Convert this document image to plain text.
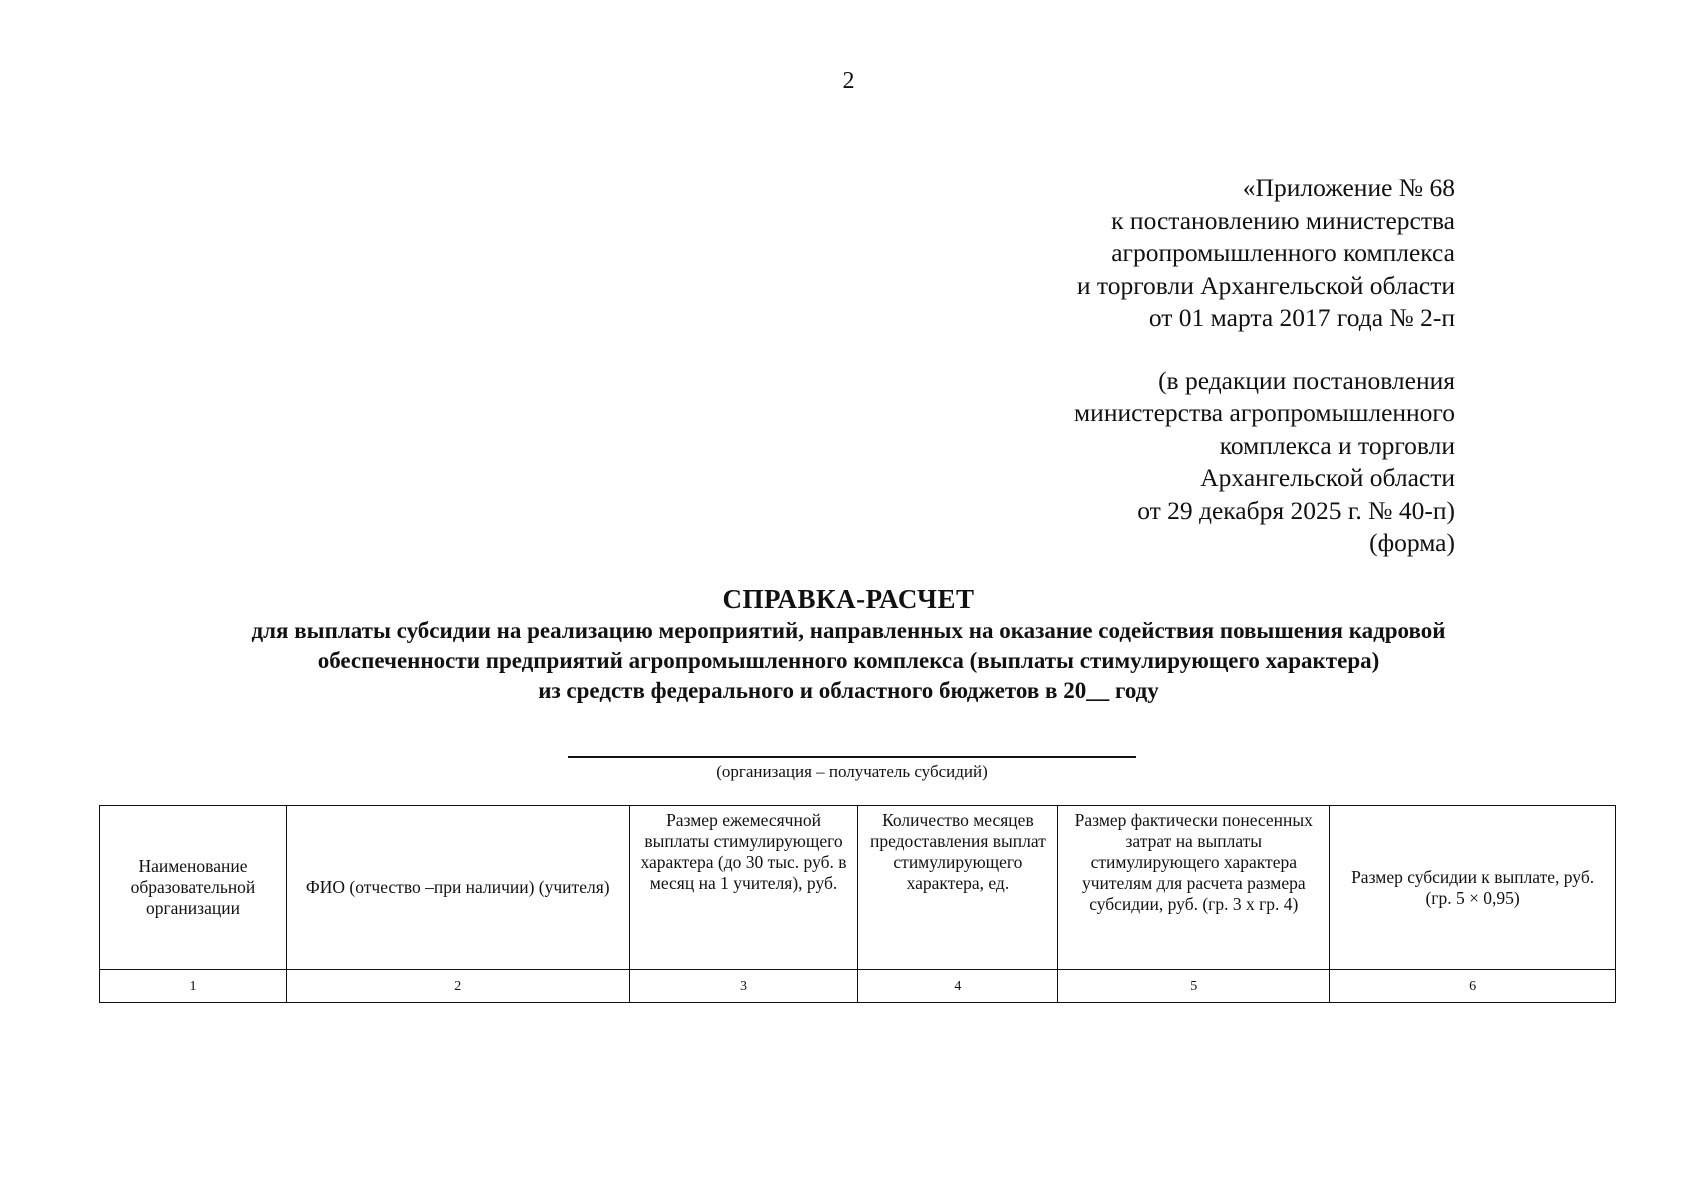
2
«Приложение № 68
к постановлению министерства
агропромышленного комплекса
и торговли Архангельской области
от 01 марта 2017 года № 2-п
(в редакции постановления
министерства агропромышленного
комплекса и торговли
Архангельской области
от 29 декабря 2025 г. № 40-п)
(форма)
СПРАВКА-РАСЧЕТ
для выплаты субсидии на реализацию мероприятий, направленных на оказание содействия повышения кадровой
обеспеченности предприятий агропромышленного комплекса (выплаты стимулирующего характера)
из средств федерального и областного бюджетов в 20__ году
(организация – получатель субсидий)
Наименование образовательной организации	ФИО (отчество –при наличии) (учителя)	Размер ежемесячной выплаты стимулирующего характера (до 30 тыс. руб. в месяц на 1 учителя), руб.	Количество месяцев предоставления выплат стимулирующего характера, ед.	Размер фактически понесенных затрат на выплаты стимулирующего характера учителям для расчета размера субсидии, руб. (гр. 3 х гр. 4)	Размер субсидии к выплате, руб. (гр. 5 × 0,95)
1	2	3	4	5	6
